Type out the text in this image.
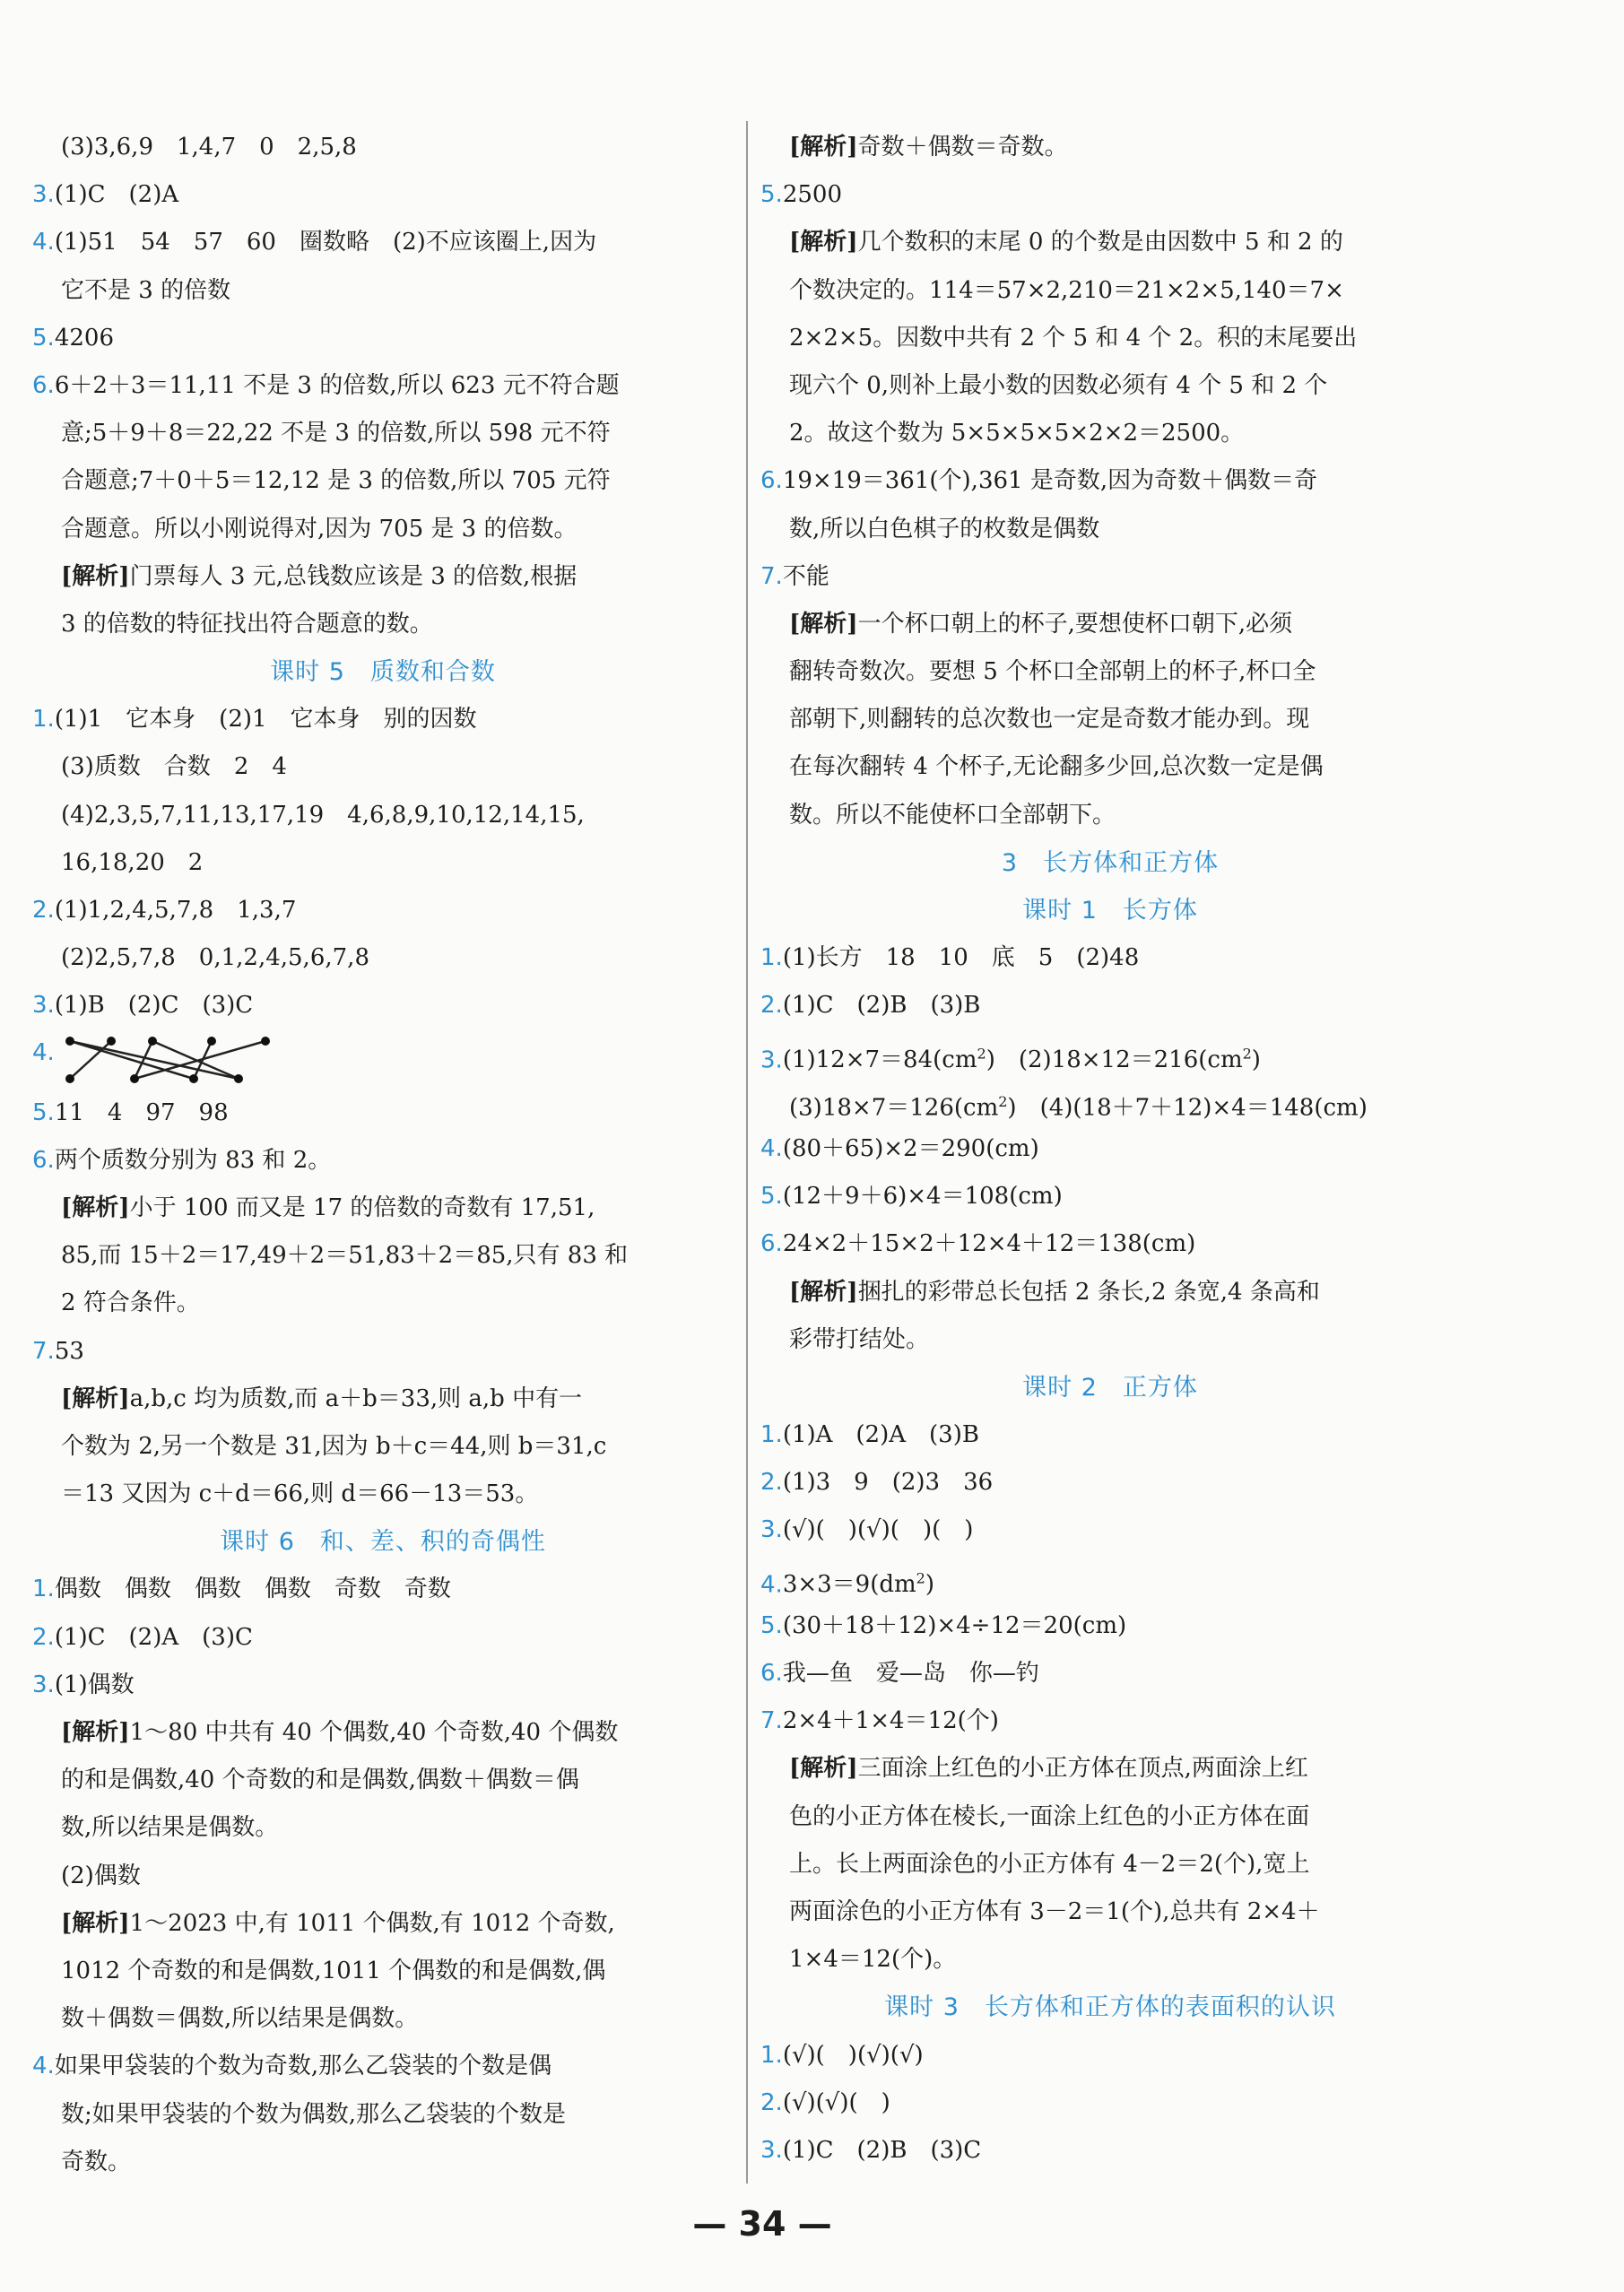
(3)3,6,9　1,4,7　0　2,5,8
3.(1)C　(2)A
4.(1)51　54　57　60　圈数略　(2)不应该圈上,因为
它不是 3 的倍数
5.4206
6.6＋2＋3＝11,11 不是 3 的倍数,所以 623 元不符合题
意;5＋9＋8＝22,22 不是 3 的倍数,所以 598 元不符
合题意;7＋0＋5＝12,12 是 3 的倍数,所以 705 元符
合题意。所以小刚说得对,因为 705 是 3 的倍数。
[解析]门票每人 3 元,总钱数应该是 3 的倍数,根据
3 的倍数的特征找出符合题意的数。
课时 5　质数和合数
1.(1)1　它本身　(2)1　它本身　别的因数
(3)质数　合数　2　4
(4)2,3,5,7,11,13,17,19　4,6,8,9,10,12,14,15,
16,18,20　2
2.(1)1,2,4,5,7,8　1,3,7
(2)2,5,7,8　0,1,2,4,5,6,7,8
3.(1)B　(2)C　(3)C
4.
5.11　4　97　98
6.两个质数分别为 83 和 2。
[解析]小于 100 而又是 17 的倍数的奇数有 17,51,
85,而 15＋2＝17,49＋2＝51,83＋2＝85,只有 83 和
2 符合条件。
7.53
[解析]a,b,c 均为质数,而 a＋b＝33,则 a,b 中有一
个数为 2,另一个数是 31,因为 b＋c＝44,则 b＝31,c
＝13 又因为 c＋d＝66,则 d＝66－13＝53。
课时 6　和、差、积的奇偶性
1.偶数　偶数　偶数　偶数　奇数　奇数
2.(1)C　(2)A　(3)C
3.(1)偶数
[解析]1～80 中共有 40 个偶数,40 个奇数,40 个偶数
的和是偶数,40 个奇数的和是偶数,偶数＋偶数＝偶
数,所以结果是偶数。
(2)偶数
[解析]1～2023 中,有 1011 个偶数,有 1012 个奇数,
1012 个奇数的和是偶数,1011 个偶数的和是偶数,偶
数＋偶数＝偶数,所以结果是偶数。
4.如果甲袋装的个数为奇数,那么乙袋装的个数是偶
数;如果甲袋装的个数为偶数,那么乙袋装的个数是
奇数。
[解析]奇数＋偶数＝奇数。
5.2500
[解析]几个数积的末尾 0 的个数是由因数中 5 和 2 的
个数决定的。114＝57×2,210＝21×2×5,140＝7×
2×2×5。因数中共有 2 个 5 和 4 个 2。积的末尾要出
现六个 0,则补上最小数的因数必须有 4 个 5 和 2 个
2。故这个数为 5×5×5×5×2×2＝2500。
6.19×19＝361(个),361 是奇数,因为奇数＋偶数＝奇
数,所以白色棋子的枚数是偶数
7.不能
[解析]一个杯口朝上的杯子,要想使杯口朝下,必须
翻转奇数次。要想 5 个杯口全部朝上的杯子,杯口全
部朝下,则翻转的总次数也一定是奇数才能办到。现
在每次翻转 4 个杯子,无论翻多少回,总次数一定是偶
数。所以不能使杯口全部朝下。
3　长方体和正方体
课时 1　长方体
1.(1)长方　18　10　底　5　(2)48
2.(1)C　(2)B　(3)B
$3.(1)12\times 7=84(cm^2)$　$(2)18\times 12=216(cm^2)$
$(3)18\times 7=126(cm^2)$　(4)(18＋7＋12)×4＝148(cm)
4.(80＋65)×2＝290(cm)
5.(12＋9＋6)×4＝108(cm)
6.24×2＋15×2＋12×4＋12＝138(cm)
[解析]捆扎的彩带总长包括 2 条长,2 条宽,4 条高和
彩带打结处。
课时 2　正方体
1.(1)A　(2)A　(3)B
2.(1)3　9　(2)3　36
3.(√)(　)(√)(　)(　)
$4.3\times 3=9(dm^2)$
5.(30＋18＋12)×4÷12＝20(cm)
6.我—鱼　爱—岛　你—钓
7.2×4＋1×4＝12(个)
[解析]三面涂上红色的小正方体在顶点,两面涂上红
色的小正方体在棱长,一面涂上红色的小正方体在面
上。长上两面涂色的小正方体有 4－2＝2(个),宽上
两面涂色的小正方体有 3－2＝1(个),总共有 2×4＋
1×4＝12(个)。
课时 3　长方体和正方体的表面积的认识
1.(√)(　)(√)(√)
2.(√)(√)(　)
3.(1)C　(2)B　(3)C
— 34 —
